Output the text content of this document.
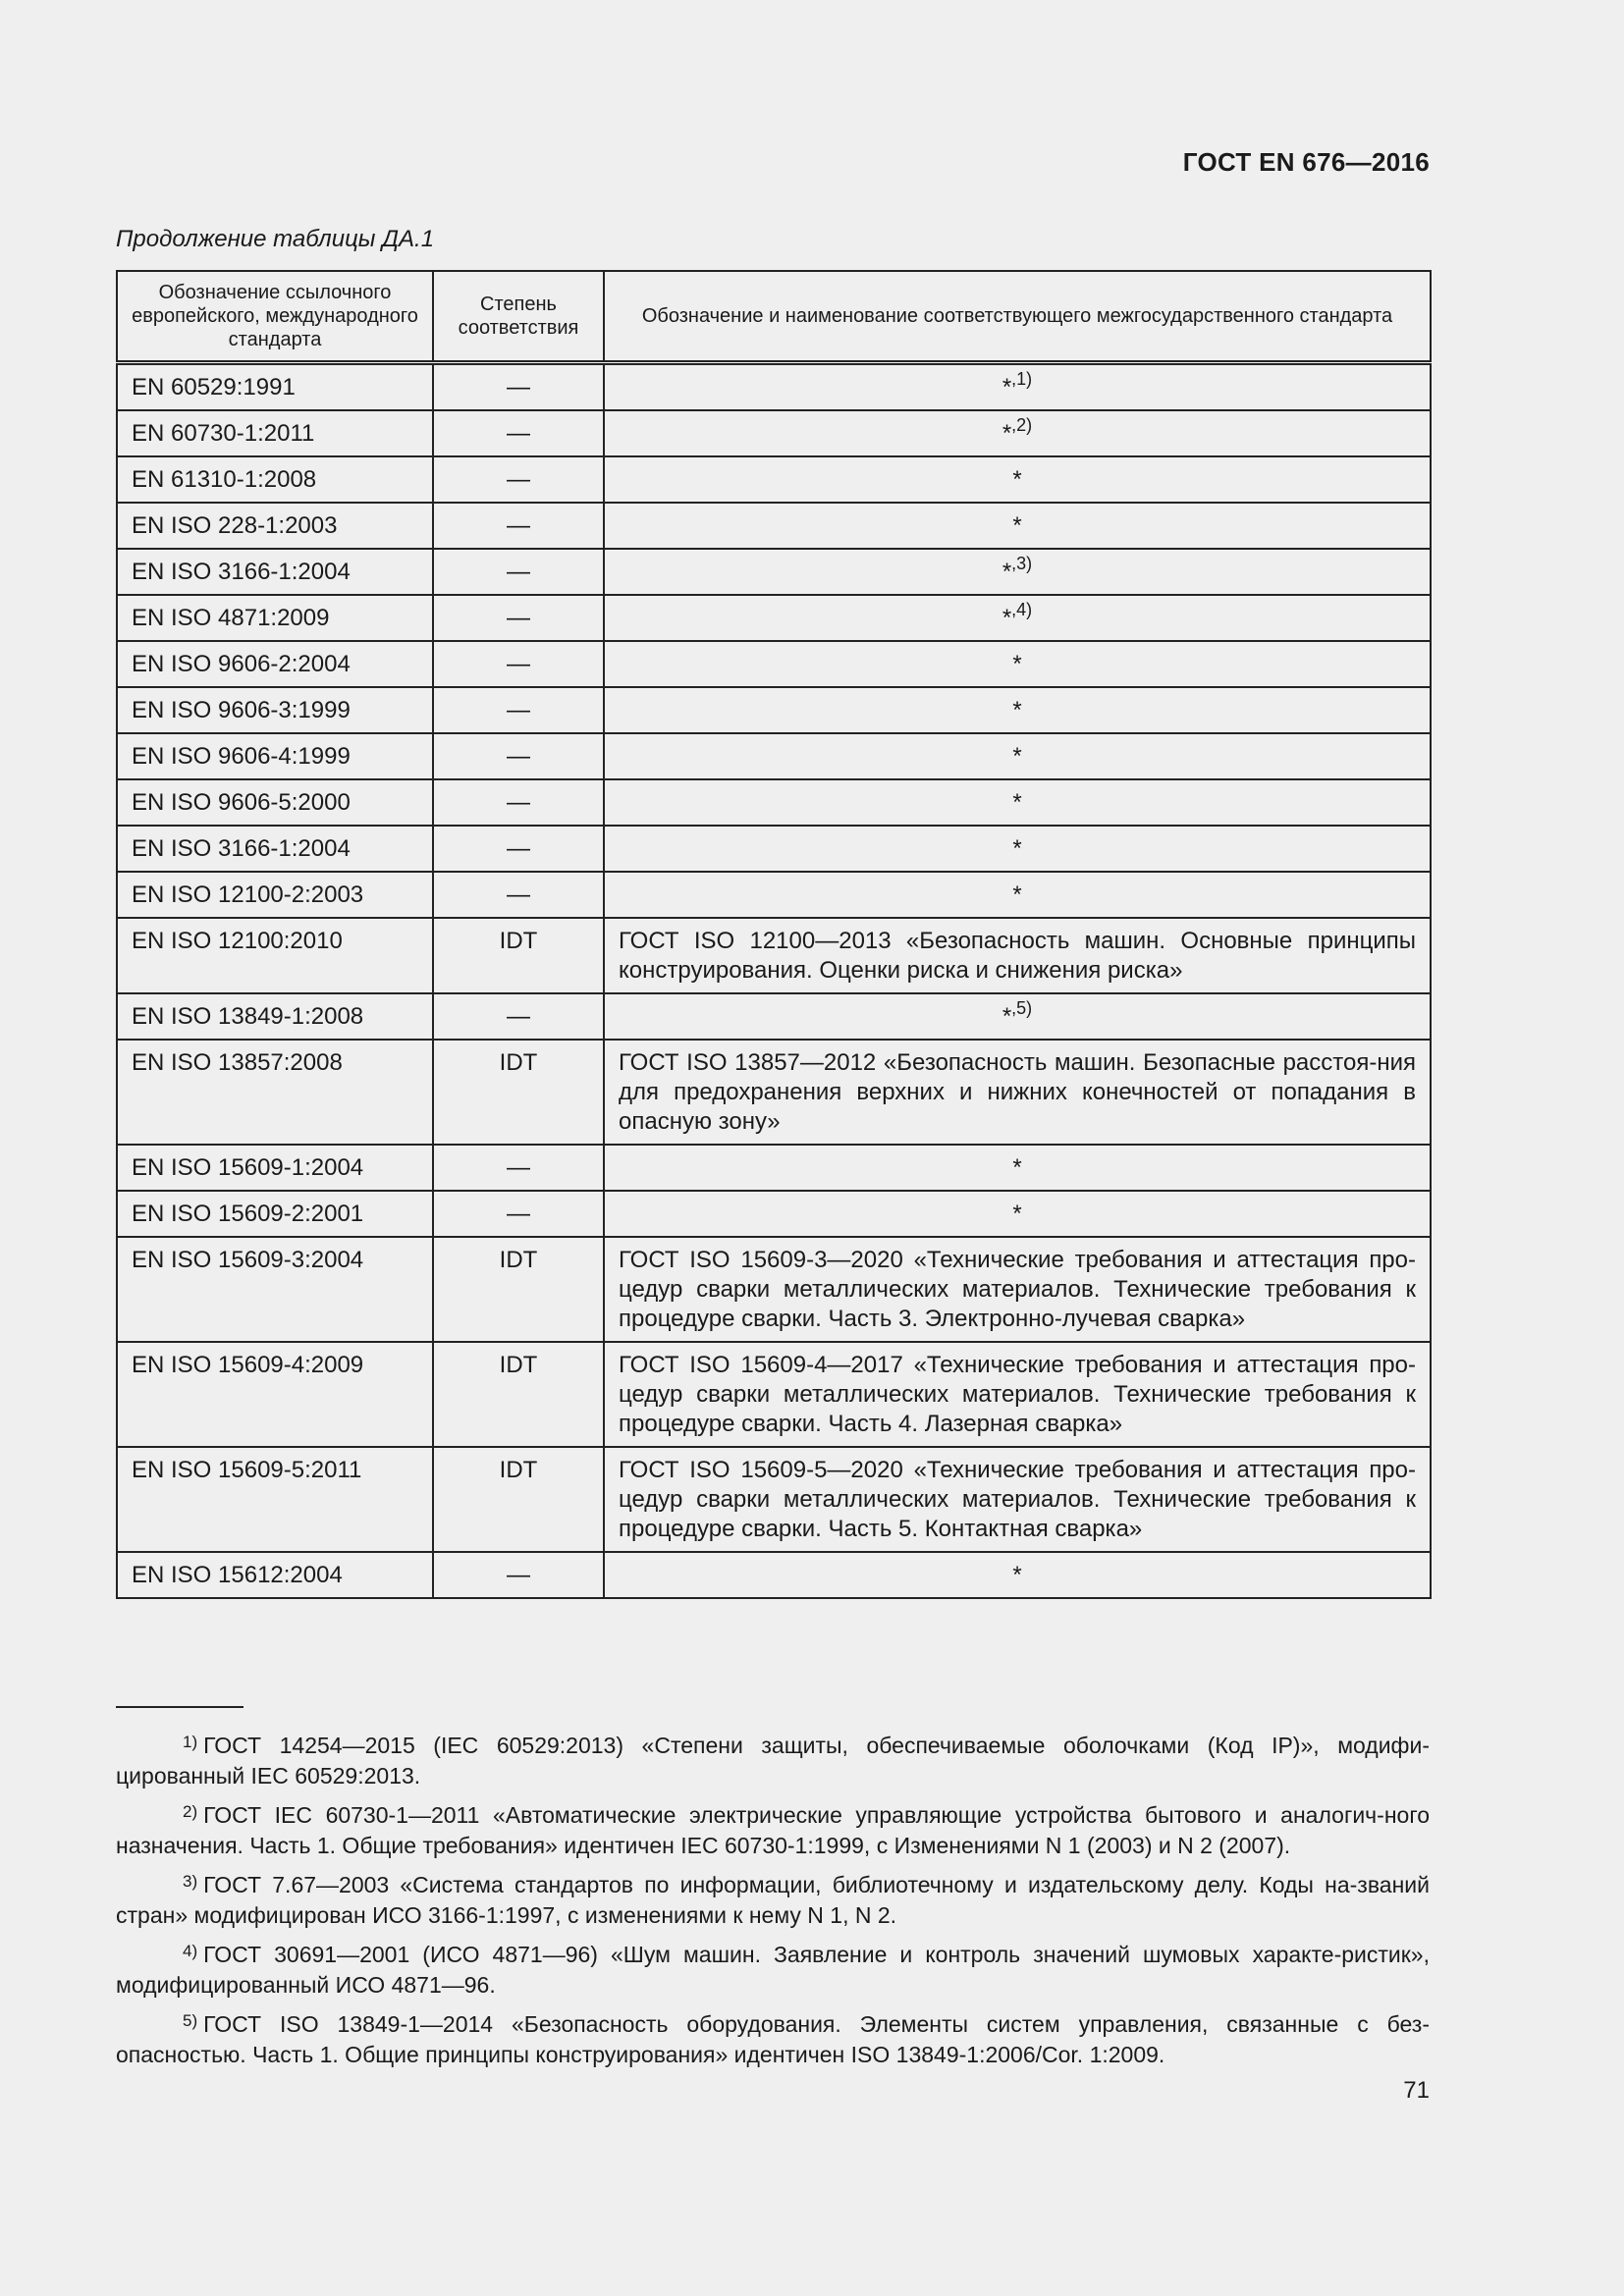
ГОСТ EN 676—2016
Продолжение таблицы ДА.1
Обозначение ссылочного европейского, международного стандарта	Степень соответствия	Обозначение и наименование соответствующего межгосударственного стандарта
EN 60529:1991	—	*$^{,1)}$
EN 60730-1:2011	—	*$^{,2)}$
EN 61310-1:2008	—	*
EN ISO 228-1:2003	—	*
EN ISO 3166-1:2004	—	*$^{,3)}$
EN ISO 4871:2009	—	*$^{,4)}$
EN ISO 9606-2:2004	—	*
EN ISO 9606-3:1999	—	*
EN ISO 9606-4:1999	—	*
EN ISO 9606-5:2000	—	*
EN ISO 3166-1:2004	—	*
EN ISO 12100-2:2003	—	*
EN ISO 12100:2010	IDT	ГОСТ ISO 12100—2013 «Безопасность машин. Основные принципы конструирования. Оценки риска и снижения риска»
EN ISO 13849-1:2008	—	*$^{,5)}$
EN ISO 13857:2008	IDT	ГОСТ ISO 13857—2012 «Безопасность машин. Безопасные расстоя-ния для предохранения верхних и нижних конечностей от попадания в опасную зону»
EN ISO 15609-1:2004	—	*
EN ISO 15609-2:2001	—	*
EN ISO 15609-3:2004	IDT	ГОСТ ISO 15609-3—2020 «Технические требования и аттестация про-цедур сварки металлических материалов. Технические требования к процедуре сварки. Часть 3. Электронно-лучевая сварка»
EN ISO 15609-4:2009	IDT	ГОСТ ISO 15609-4—2017 «Технические требования и аттестация про-цедур сварки металлических материалов. Технические требования к процедуре сварки. Часть 4. Лазерная сварка»
EN ISO 15609-5:2011	IDT	ГОСТ ISO 15609-5—2020 «Технические требования и аттестация про-цедур сварки металлических материалов. Технические требования к процедуре сварки. Часть 5. Контактная сварка»
EN ISO 15612:2004	—	*

$^{1)}$ ГОСТ 14254—2015 (IEC 60529:2013) «Степени защиты, обеспечиваемые оболочками (Код IP)», модифи-цированный IEC 60529:2013.

$^{2)}$ ГОСТ IEC 60730-1—2011 «Автоматические электрические управляющие устройства бытового и аналогич-ного назначения. Часть 1. Общие требования» идентичен IEC 60730-1:1999, с Изменениями N 1 (2003) и N 2 (2007).

$^{3)}$ ГОСТ 7.67—2003 «Система стандартов по информации, библиотечному и издательскому делу. Коды на-званий стран» модифицирован ИСО 3166-1:1997, с изменениями к нему N 1, N 2.

$^{4)}$ ГОСТ 30691—2001 (ИСО 4871—96) «Шум машин. Заявление и контроль значений шумовых характе-ристик», модифицированный ИСО 4871—96.

$^{5)}$ ГОСТ ISO 13849-1—2014 «Безопасность оборудования. Элементы систем управления, связанные с без-опасностью. Часть 1. Общие принципы конструирования» идентичен ISO 13849-1:2006/Cor. 1:2009.

71
